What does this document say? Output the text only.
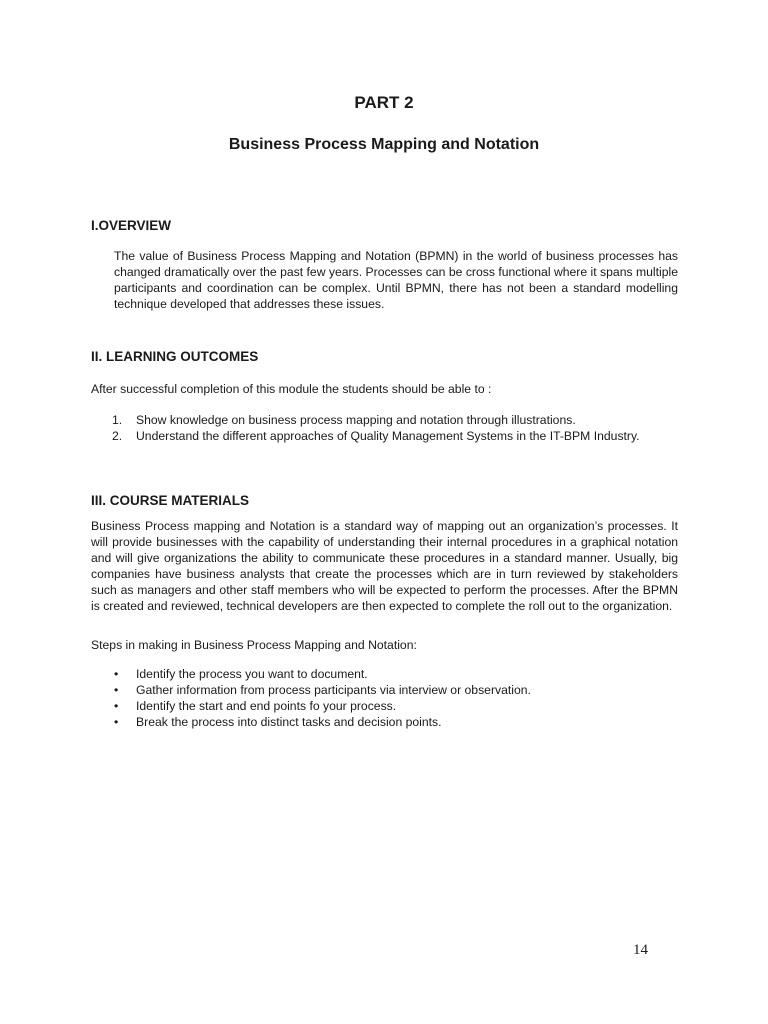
PART 2
Business Process Mapping and Notation
I.OVERVIEW

The value of Business Process Mapping and Notation (BPMN) in the world of business processes has changed dramatically over the past few years. Processes can be cross functional where it spans multiple participants and coordination can be complex. Until BPMN, there has not been a standard modelling technique developed that addresses these issues.

II. LEARNING OUTCOMES

After successful completion of this module the students should be able to :

1. Show knowledge on business process mapping and notation through illustrations.
2. Understand the different approaches of Quality Management Systems in the IT-BPM Industry.
III. COURSE MATERIALS

Business Process mapping and Notation is a standard way of mapping out an organization’s processes. It will provide businesses with the capability of understanding their internal procedures in a graphical notation and will give organizations the ability to communicate these procedures in a standard manner. Usually, big companies have business analysts that create the processes which are in turn reviewed by stakeholders such as managers and other staff members who will be expected to perform the processes. After the BPMN is created and reviewed, technical developers are then expected to complete the roll out to the organization.

Steps in making in Business Process Mapping and Notation:

• Identify the process you want to document.
• Gather information from process participants via interview or observation.
• Identify the start and end points fo your process.
• Break the process into distinct tasks and decision points.

14
